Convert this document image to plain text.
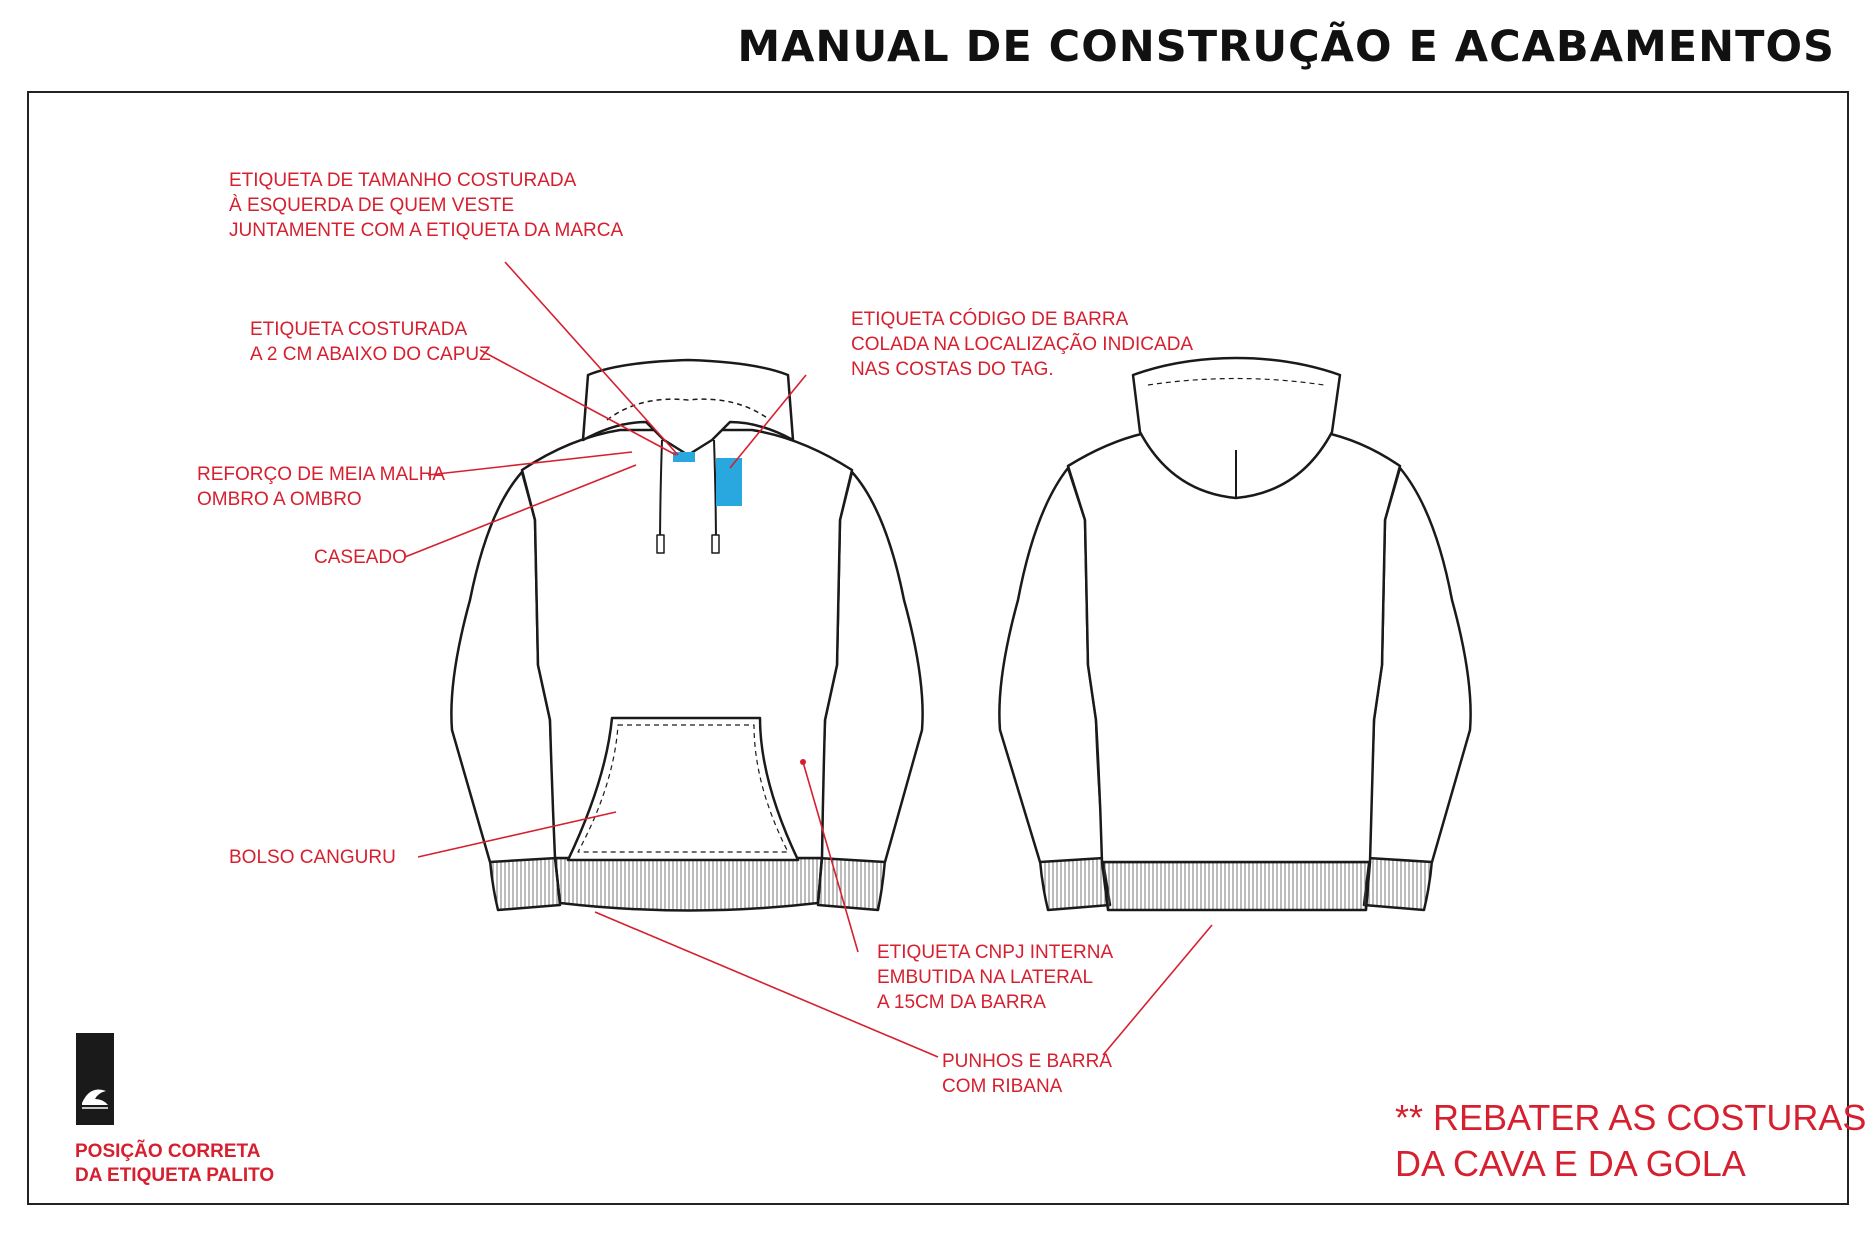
MANUAL DE CONSTRUÇÃO E ACABAMENTOS
ETIQUETA DE TAMANHO COSTURADA
À ESQUERDA DE QUEM VESTE
JUNTAMENTE COM A ETIQUETA DA MARCA
ETIQUETA COSTURADA
A 2 CM ABAIXO DO CAPUZ
REFORÇO DE MEIA MALHA
OMBRO A OMBRO
CASEADO
BOLSO CANGURU
ETIQUETA CÓDIGO DE BARRA
COLADA NA LOCALIZAÇÃO INDICADA
NAS COSTAS DO TAG.
ETIQUETA CNPJ INTERNA
EMBUTIDA NA LATERAL
A 15CM DA BARRA
PUNHOS E BARRA
COM RIBANA
POSIÇÃO CORRETA
DA ETIQUETA PALITO
** REBATER AS COSTURAS
DA CAVA E DA GOLA
